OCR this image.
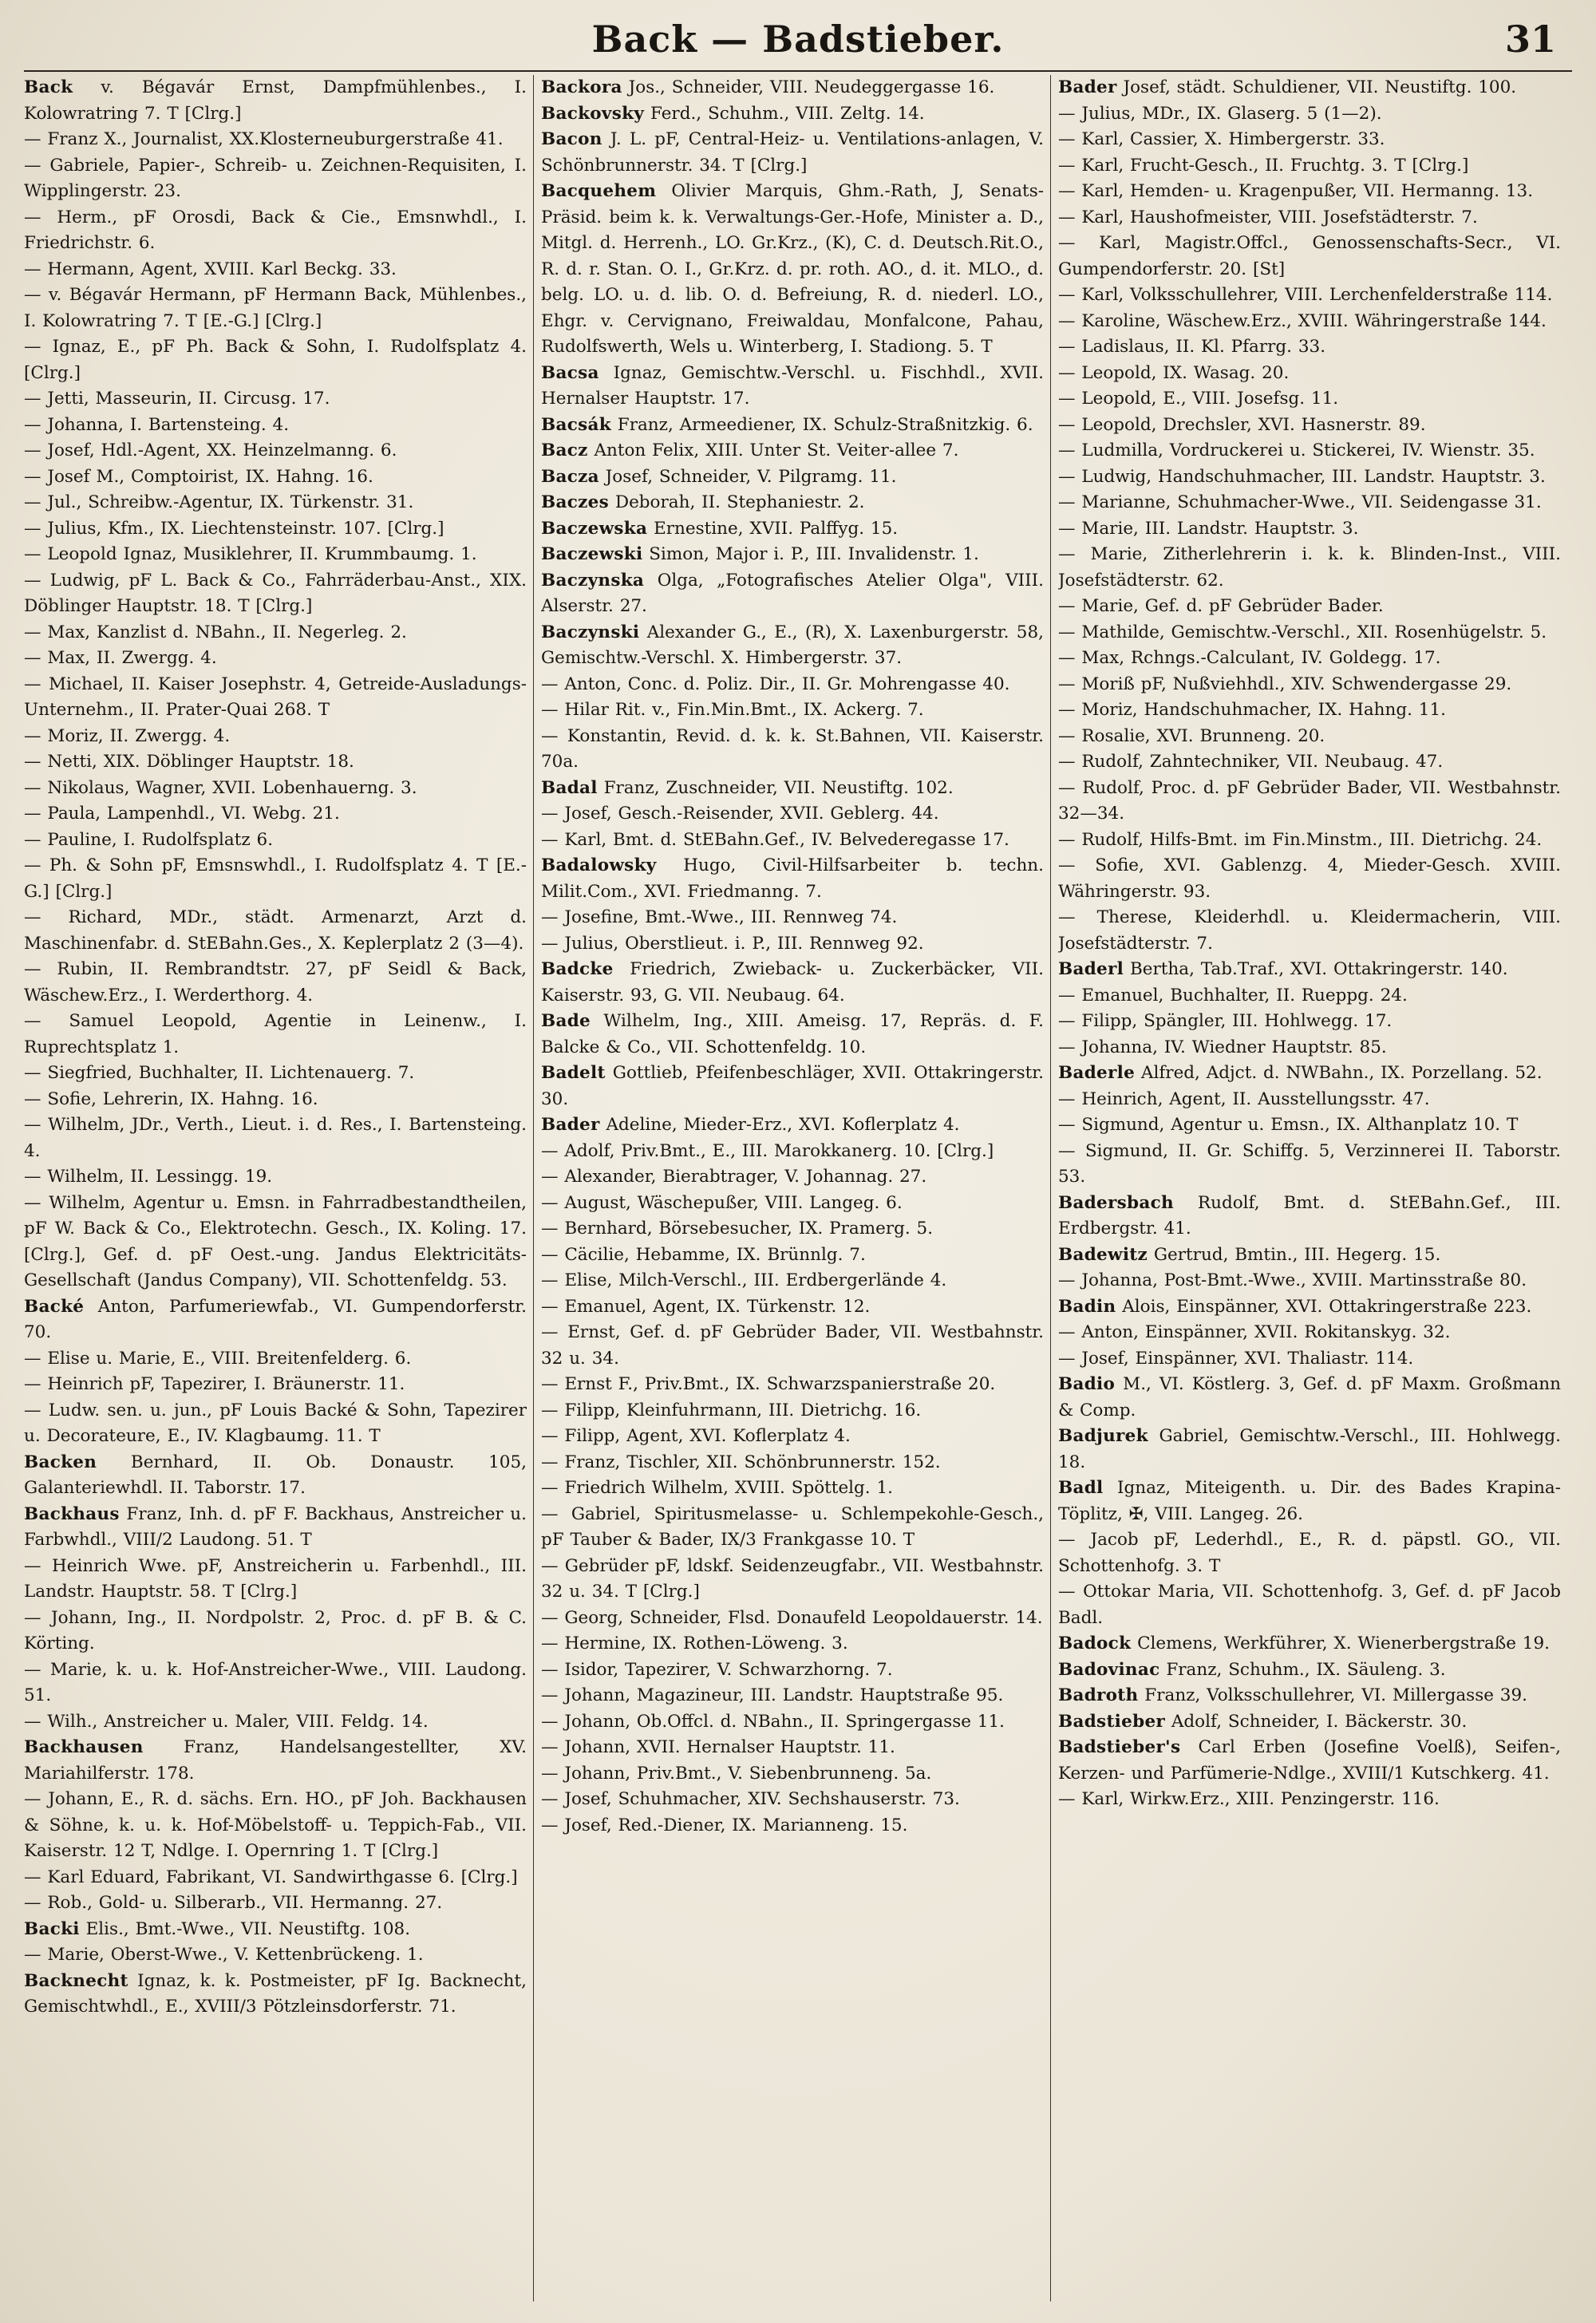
Back — Badstieber.	31

Back v. Bégavár Ernst, Dampfmühlenbes., I. Kolowratring 7. T [Clrg.]

— Franz X., Journalist, XX.Klosterneuburgerstraße 41.

— Gabriele, Papier-, Schreib- u. Zeichnen-Requisiten, I. Wipplingerstr. 23.

— Herm., pF Orosdi, Back & Cie., Emsnwhdl., I. Friedrichstr. 6.

— Hermann, Agent, XVIII. Karl Beckg. 33.

— v. Bégavár Hermann, pF Hermann Back, Mühlenbes., I. Kolowratring 7. T [E.-G.] [Clrg.]

— Ignaz, E., pF Ph. Back & Sohn, I. Rudolfsplatz 4. [Clrg.]

— Jetti, Masseurin, II. Circusg. 17.

— Johanna, I. Bartensteing. 4.

— Josef, Hdl.-Agent, XX. Heinzelmanng. 6.

— Josef M., Comptoirist, IX. Hahng. 16.

— Jul., Schreibw.-Agentur, IX. Türkenstr. 31.

— Julius, Kfm., IX. Liechtensteinstr. 107. [Clrg.]

— Leopold Ignaz, Musiklehrer, II. Krummbaumg. 1.

— Ludwig, pF L. Back & Co., Fahrräderbau-Anst., XIX. Döblinger Hauptstr. 18. T [Clrg.]

— Max, Kanzlist d. NBahn., II. Negerleg. 2.

— Max, II. Zwergg. 4.

— Michael, II. Kaiser Josephstr. 4, Getreide-Ausladungs-Unternehm., II. Prater-Quai 268. T

— Moriz, II. Zwergg. 4.

— Netti, XIX. Döblinger Hauptstr. 18.

— Nikolaus, Wagner, XVII. Lobenhauerng. 3.

— Paula, Lampenhdl., VI. Webg. 21.

— Pauline, I. Rudolfsplatz 6.

— Ph. & Sohn pF, Emsnswhdl., I. Rudolfsplatz 4. T [E.-G.] [Clrg.]

— Richard, MDr., städt. Armenarzt, Arzt d. Maschinenfabr. d. StEBahn.Ges., X. Keplerplatz 2 (3—4).

— Rubin, II. Rembrandtstr. 27, pF Seidl & Back, Wäschew.Erz., I. Werderthorg. 4.

— Samuel Leopold, Agentie in Leinenw., I. Ruprechtsplatz 1.

— Siegfried, Buchhalter, II. Lichtenauerg. 7.

— Sofie, Lehrerin, IX. Hahng. 16.

— Wilhelm, JDr., Verth., Lieut. i. d. Res., I. Bartensteing. 4.

— Wilhelm, II. Lessingg. 19.

— Wilhelm, Agentur u. Emsn. in Fahrradbestandtheilen, pF W. Back & Co., Elektrotechn. Gesch., IX. Koling. 17. [Clrg.], Gef. d. pF Oest.-ung. Jandus Elektricitäts-Gesellschaft (Jandus Company), VII. Schottenfeldg. 53.

Backé Anton, Parfumeriewfab., VI. Gumpendorferstr. 70.

— Elise u. Marie, E., VIII. Breitenfelderg. 6.

— Heinrich pF, Tapezirer, I. Bräunerstr. 11.

— Ludw. sen. u. jun., pF Louis Backé & Sohn, Tapezirer u. Decorateure, E., IV. Klagbaumg. 11. T

Backen Bernhard, II. Ob. Donaustr. 105, Galanteriewhdl. II. Taborstr. 17.

Backhaus Franz, Inh. d. pF F. Backhaus, Anstreicher u. Farbwhdl., VIII/2 Laudong. 51. T

— Heinrich Wwe. pF, Anstreicherin u. Farbenhdl., III. Landstr. Hauptstr. 58. T [Clrg.]

— Johann, Ing., II. Nordpolstr. 2, Proc. d. pF B. & C. Körting.

— Marie, k. u. k. Hof-Anstreicher-Wwe., VIII. Laudong. 51.

— Wilh., Anstreicher u. Maler, VIII. Feldg. 14.

Backhausen Franz, Handelsangestellter, XV. Mariahilferstr. 178.

— Johann, E., R. d. sächs. Ern. HO., pF Joh. Backhausen & Söhne, k. u. k. Hof-Möbelstoff- u. Teppich-Fab., VII. Kaiserstr. 12 T, Ndlge. I. Opernring 1. T [Clrg.]

— Karl Eduard, Fabrikant, VI. Sandwirthgasse 6. [Clrg.]

— Rob., Gold- u. Silberarb., VII. Hermanng. 27.

Backi Elis., Bmt.-Wwe., VII. Neustiftg. 108.

— Marie, Oberst-Wwe., V. Kettenbrückeng. 1.

Backnecht Ignaz, k. k. Postmeister, pF Ig. Backnecht, Gemischtwhdl., E., XVIII/3 Pötzleinsdorferstr. 71.

Backora Jos., Schneider, VIII. Neudeggergasse 16.

Backovsky Ferd., Schuhm., VIII. Zeltg. 14.

Bacon J. L. pF, Central-Heiz- u. Ventilations-anlagen, V. Schönbrunnerstr. 34. T [Clrg.]

Bacquehem Olivier Marquis, Ghm.-Rath, J, Senats-Präsid. beim k. k. Verwaltungs-Ger.-Hofe, Minister a. D., Mitgl. d. Herrenh., LO. Gr.Krz., (K), C. d. Deutsch.Rit.O., R. d. r. Stan. O. I., Gr.Krz. d. pr. roth. AO., d. it. MLO., d. belg. LO. u. d. lib. O. d. Befreiung, R. d. niederl. LO., Ehgr. v. Cervignano, Freiwaldau, Monfalcone, Pahau, Rudolfswerth, Wels u. Winterberg, I. Stadiong. 5. T

Bacsa Ignaz, Gemischtw.-Verschl. u. Fischhdl., XVII. Hernalser Hauptstr. 17.

Bacsák Franz, Armeediener, IX. Schulz-Straßnitzkig. 6.

Bacz Anton Felix, XIII. Unter St. Veiter-allee 7.

Bacza Josef, Schneider, V. Pilgramg. 11.

Baczes Deborah, II. Stephaniestr. 2.

Baczewska Ernestine, XVII. Palffyg. 15.

Baczewski Simon, Major i. P., III. Invalidenstr. 1.

Baczynska Olga, „Fotografisches Atelier Olga", VIII. Alserstr. 27.

Baczynski Alexander G., E., (R), X. Laxenburgerstr. 58, Gemischtw.-Verschl. X. Himbergerstr. 37.

— Anton, Conc. d. Poliz. Dir., II. Gr. Mohrengasse 40.

— Hilar Rit. v., Fin.Min.Bmt., IX. Ackerg. 7.

— Konstantin, Revid. d. k. k. St.Bahnen, VII. Kaiserstr. 70a.

Badal Franz, Zuschneider, VII. Neustiftg. 102.

— Josef, Gesch.-Reisender, XVII. Geblerg. 44.

— Karl, Bmt. d. StEBahn.Gef., IV. Belvederegasse 17.

Badalowsky Hugo, Civil-Hilfsarbeiter b. techn. Milit.Com., XVI. Friedmanng. 7.

— Josefine, Bmt.-Wwe., III. Rennweg 74.

— Julius, Oberstlieut. i. P., III. Rennweg 92.

Badcke Friedrich, Zwieback- u. Zuckerbäcker, VII. Kaiserstr. 93, G. VII. Neubaug. 64.

Bade Wilhelm, Ing., XIII. Ameisg. 17, Repräs. d. F. Balcke & Co., VII. Schottenfeldg. 10.

Badelt Gottlieb, Pfeifenbeschläger, XVII. Ottakringerstr. 30.

Bader Adeline, Mieder-Erz., XVI. Koflerplatz 4.

— Adolf, Priv.Bmt., E., III. Marokkanerg. 10. [Clrg.]

— Alexander, Bierabtrager, V. Johannag. 27.

— August, Wäschepußer, VIII. Langeg. 6.

— Bernhard, Börsebesucher, IX. Pramerg. 5.

— Cäcilie, Hebamme, IX. Brünnlg. 7.

— Elise, Milch-Verschl., III. Erdbergerlände 4.

— Emanuel, Agent, IX. Türkenstr. 12.

— Ernst, Gef. d. pF Gebrüder Bader, VII. Westbahnstr. 32 u. 34.

— Ernst F., Priv.Bmt., IX. Schwarzspanierstraße 20.

— Filipp, Kleinfuhrmann, III. Dietrichg. 16.

— Filipp, Agent, XVI. Koflerplatz 4.

— Franz, Tischler, XII. Schönbrunnerstr. 152.

— Friedrich Wilhelm, XVIII. Spöttelg. 1.

— Gabriel, Spiritusmelasse- u. Schlempekohle-Gesch., pF Tauber & Bader, IX/3 Frankgasse 10. T

— Gebrüder pF, ldskf. Seidenzeugfabr., VII. Westbahnstr. 32 u. 34. T [Clrg.]

— Georg, Schneider, Flsd. Donaufeld Leopoldauerstr. 14.

— Hermine, IX. Rothen-Löweng. 3.

— Isidor, Tapezirer, V. Schwarzhorng. 7.

— Johann, Magazineur, III. Landstr. Hauptstraße 95.

— Johann, Ob.Offcl. d. NBahn., II. Springergasse 11.

— Johann, XVII. Hernalser Hauptstr. 11.

— Johann, Priv.Bmt., V. Siebenbrunneng. 5a.

— Josef, Schuhmacher, XIV. Sechshauserstr. 73.

— Josef, Red.-Diener, IX. Marianneng. 15.

Bader Josef, städt. Schuldiener, VII. Neustiftg. 100.

— Julius, MDr., IX. Glaserg. 5 (1—2).

— Karl, Cassier, X. Himbergerstr. 33.

— Karl, Frucht-Gesch., II. Fruchtg. 3. T [Clrg.]

— Karl, Hemden- u. Kragenpußer, VII. Hermanng. 13.

— Karl, Haushofmeister, VIII. Josefstädterstr. 7.

— Karl, Magistr.Offcl., Genossenschafts-Secr., VI. Gumpendorferstr. 20. [St]

— Karl, Volksschullehrer, VIII. Lerchenfelderstraße 114.

— Karoline, Wäschew.Erz., XVIII. Währingerstraße 144.

— Ladislaus, II. Kl. Pfarrg. 33.

— Leopold, IX. Wasag. 20.

— Leopold, E., VIII. Josefsg. 11.

— Leopold, Drechsler, XVI. Hasnerstr. 89.

— Ludmilla, Vordruckerei u. Stickerei, IV. Wienstr. 35.

— Ludwig, Handschuhmacher, III. Landstr. Hauptstr. 3.

— Marianne, Schuhmacher-Wwe., VII. Seidengasse 31.

— Marie, III. Landstr. Hauptstr. 3.

— Marie, Zitherlehrerin i. k. k. Blinden-Inst., VIII. Josefstädterstr. 62.

— Marie, Gef. d. pF Gebrüder Bader.

— Mathilde, Gemischtw.-Verschl., XII. Rosenhügelstr. 5.

— Max, Rchngs.-Calculant, IV. Goldegg. 17.

— Moriß pF, Nußviehhdl., XIV. Schwendergasse 29.

— Moriz, Handschuhmacher, IX. Hahng. 11.

— Rosalie, XVI. Brunneng. 20.

— Rudolf, Zahntechniker, VII. Neubaug. 47.

— Rudolf, Proc. d. pF Gebrüder Bader, VII. Westbahnstr. 32—34.

— Rudolf, Hilfs-Bmt. im Fin.Minstm., III. Dietrichg. 24.

— Sofie, XVI. Gablenzg. 4, Mieder-Gesch. XVIII. Währingerstr. 93.

— Therese, Kleiderhdl. u. Kleidermacherin, VIII. Josefstädterstr. 7.

Baderl Bertha, Tab.Traf., XVI. Ottakringerstr. 140.

— Emanuel, Buchhalter, II. Rueppg. 24.

— Filipp, Spängler, III. Hohlwegg. 17.

— Johanna, IV. Wiedner Hauptstr. 85.

Baderle Alfred, Adjct. d. NWBahn., IX. Porzellang. 52.

— Heinrich, Agent, II. Ausstellungsstr. 47.

— Sigmund, Agentur u. Emsn., IX. Althanplatz 10. T

— Sigmund, II. Gr. Schiffg. 5, Verzinnerei II. Taborstr. 53.

Badersbach Rudolf, Bmt. d. StEBahn.Gef., III. Erdbergstr. 41.

Badewitz Gertrud, Bmtin., III. Hegerg. 15.

— Johanna, Post-Bmt.-Wwe., XVIII. Martinsstraße 80.

Badin Alois, Einspänner, XVI. Ottakringerstraße 223.

— Anton, Einspänner, XVII. Rokitanskyg. 32.

— Josef, Einspänner, XVI. Thaliastr. 114.

Badio M., VI. Köstlerg. 3, Gef. d. pF Maxm. Großmann & Comp.

Badjurek Gabriel, Gemischtw.-Verschl., III. Hohlwegg. 18.

Badl Ignaz, Miteigenth. u. Dir. des Bades Krapina-Töplitz, ✠, VIII. Langeg. 26.

— Jacob pF, Lederhdl., E., R. d. päpstl. GO., VII. Schottenhofg. 3. T

— Ottokar Maria, VII. Schottenhofg. 3, Gef. d. pF Jacob Badl.

Badock Clemens, Werkführer, X. Wienerbergstraße 19.

Badovinac Franz, Schuhm., IX. Säuleng. 3.

Badroth Franz, Volksschullehrer, VI. Millergasse 39.

Badstieber Adolf, Schneider, I. Bäckerstr. 30.

Badstieber's Carl Erben (Josefine Voelß), Seifen-, Kerzen- und Parfümerie-Ndlge., XVIII/1 Kutschkerg. 41.

— Karl, Wirkw.Erz., XIII. Penzingerstr. 116.
